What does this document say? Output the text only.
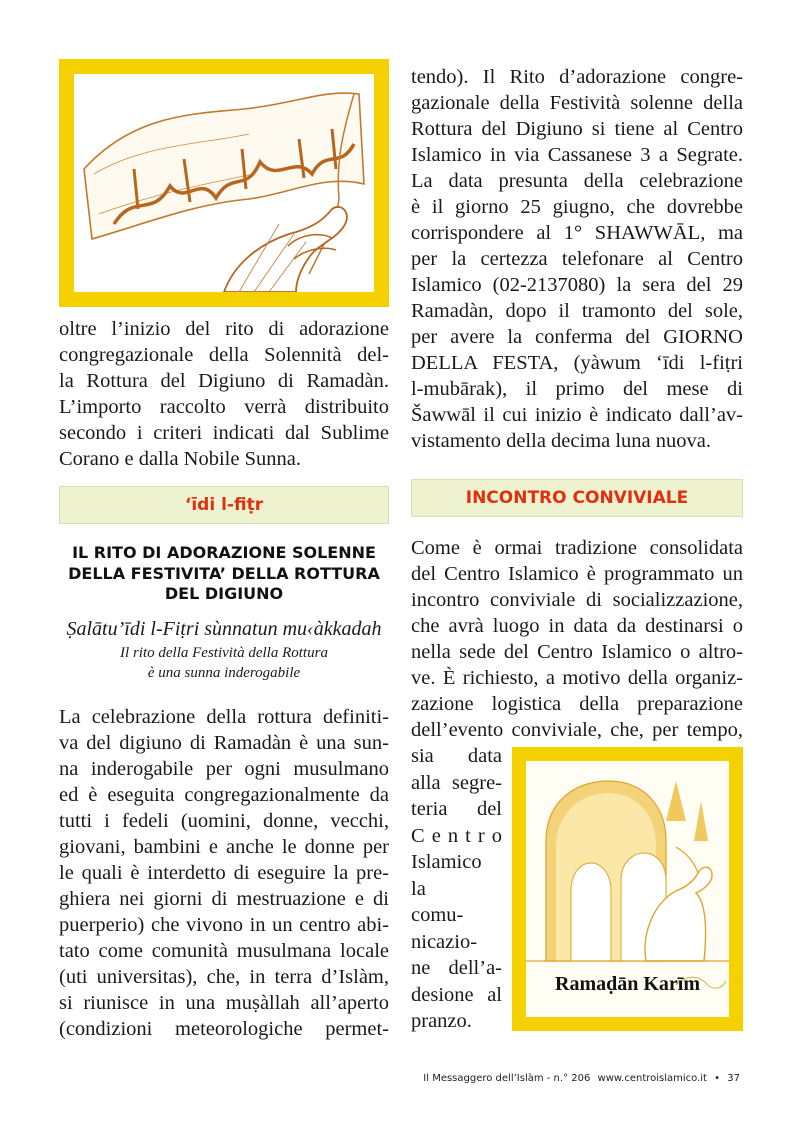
oltre l’inizio del rito di adorazione
congregazionale della Solennità del-
la Rottura del Digiuno di Ramadàn.
L’importo raccolto verrà distribuito
secondo i criteri indicati dal Sublime
Corano e dalla Nobile Sunna.
‘īdi l-fiṭr
IL RITO DI ADORAZIONE SOLENNE DELLA FESTIVITA’ DELLA ROTTURA DEL DIGIUNO
Ṣalātu’īdi l-Fiṭri sùnnatun mu‹àkkadah
Il rito della Festività della Rottura
è una sunna inderogabile
La celebrazione della rottura definiti-
va del digiuno di Ramadàn è una sun-
na inderogabile per ogni musulmano
ed è eseguita congregazionalmente da
tutti i fedeli (uomini, donne, vecchi,
giovani, bambini e anche le donne per
le quali è interdetto di eseguire la pre-
ghiera nei giorni di mestruazione e di
puerperio) che vivono in un centro abi-
tato come comunità musulmana locale
(uti universitas), che, in terra d’Islàm,
si riunisce in una muṣàllah all’aperto
(condizioni meteorologiche permet-
tendo). Il Rito d’adorazione congre-
gazionale della Festività solenne della
Rottura del Digiuno si tiene al Centro
Islamico in via Cassanese 3 a Segrate.
La data presunta della celebrazione
è il giorno 25 giugno, che dovrebbe
corrispondere al 1° SHAWWĀL, ma
per la certezza telefonare al Centro
Islamico (02-2137080) la sera del 29
Ramadàn, dopo il tramonto del sole,
per avere la conferma del GIORNO
DELLA FESTA, (yàwum ‘īdi l-fiṭri
l-mubārak), il primo del mese di
Šawwāl il cui inizio è indicato dall’av-
vistamento della decima luna nuova.
INCONTRO CONVIVIALE
Come è ormai tradizione consolidata
del Centro Islamico è programmato un
incontro conviviale di socializzazione,
che avrà luogo in data da destinarsi o
nella sede del Centro Islamico o altro-
ve. È richiesto, a motivo della organiz-
zazione logistica della preparazione
dell’evento conviviale, che, per tempo,
sia data
alla segre-
teria del
C e n t r o
Islamico
la
comu-
nicazio-
ne dell’a-
desione al
pranzo.
Ramaḍān Karīm
Il Messaggero dell’Islàm - n.° 206 www.centroislamico.it • 37
